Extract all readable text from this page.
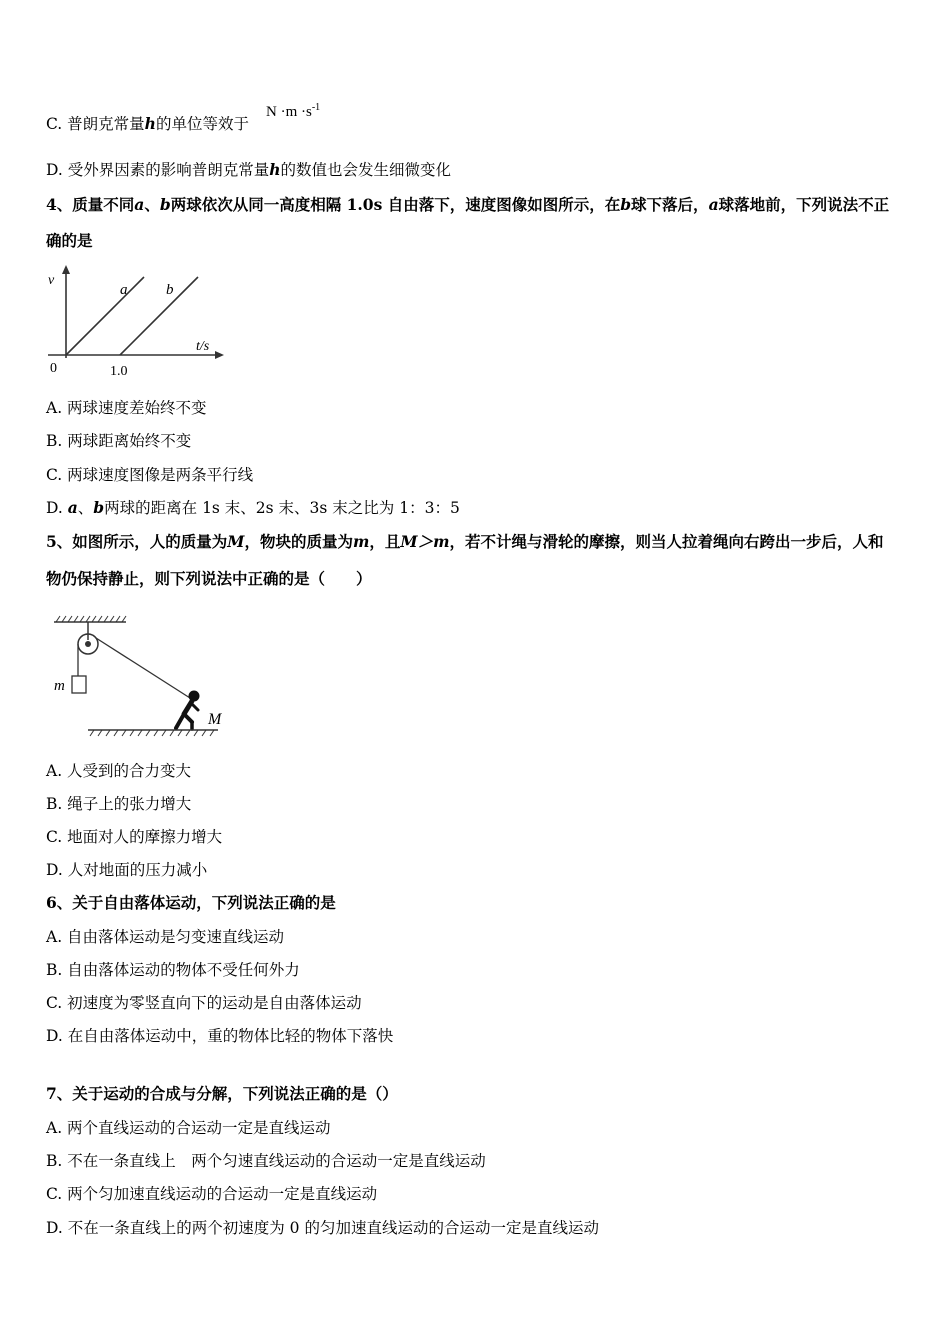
C. 普朗克常量h的单位等效于
$N \cdot m \cdot s^{-1}$
D. 受外界因素的影响普朗克常量h的数值也会发生细微变化
4、质量不同a、b两球依次从同一高度相隔 1.0s 自由落下，速度图像如图所示，在b球下落后，a球落地前，下列说法不正
确的是
v
t/s
0	1.0
a	b
A. 两球速度差始终不变
B. 两球距离始终不变
C. 两球速度图像是两条平行线
D. a、b两球的距离在 1s 末、2s 末、3s 末之比为 1：3：5
5、如图所示，人的质量为M，物块的质量为m，且M＞m，若不计绳与滑轮的摩擦，则当人拉着绳向右跨出一步后，人和
物仍保持静止，则下列说法中正确的是（　　）
m
M
A. 人受到的合力变大
B. 绳子上的张力增大
C. 地面对人的摩擦力增大
D. 人对地面的压力减小
6、关于自由落体运动，下列说法正确的是
A. 自由落体运动是匀变速直线运动
B. 自由落体运动的物体不受任何外力
C. 初速度为零竖直向下的运动是自由落体运动
D. 在自由落体运动中，重的物体比轻的物体下落快
7、关于运动的合成与分解，下列说法正确的是（）
A. 两个直线运动的合运动一定是直线运动
B. 不在一条直线上　两个匀速直线运动的合运动一定是直线运动
C. 两个匀加速直线运动的合运动一定是直线运动
D. 不在一条直线上的两个初速度为 0 的匀加速直线运动的合运动一定是直线运动
